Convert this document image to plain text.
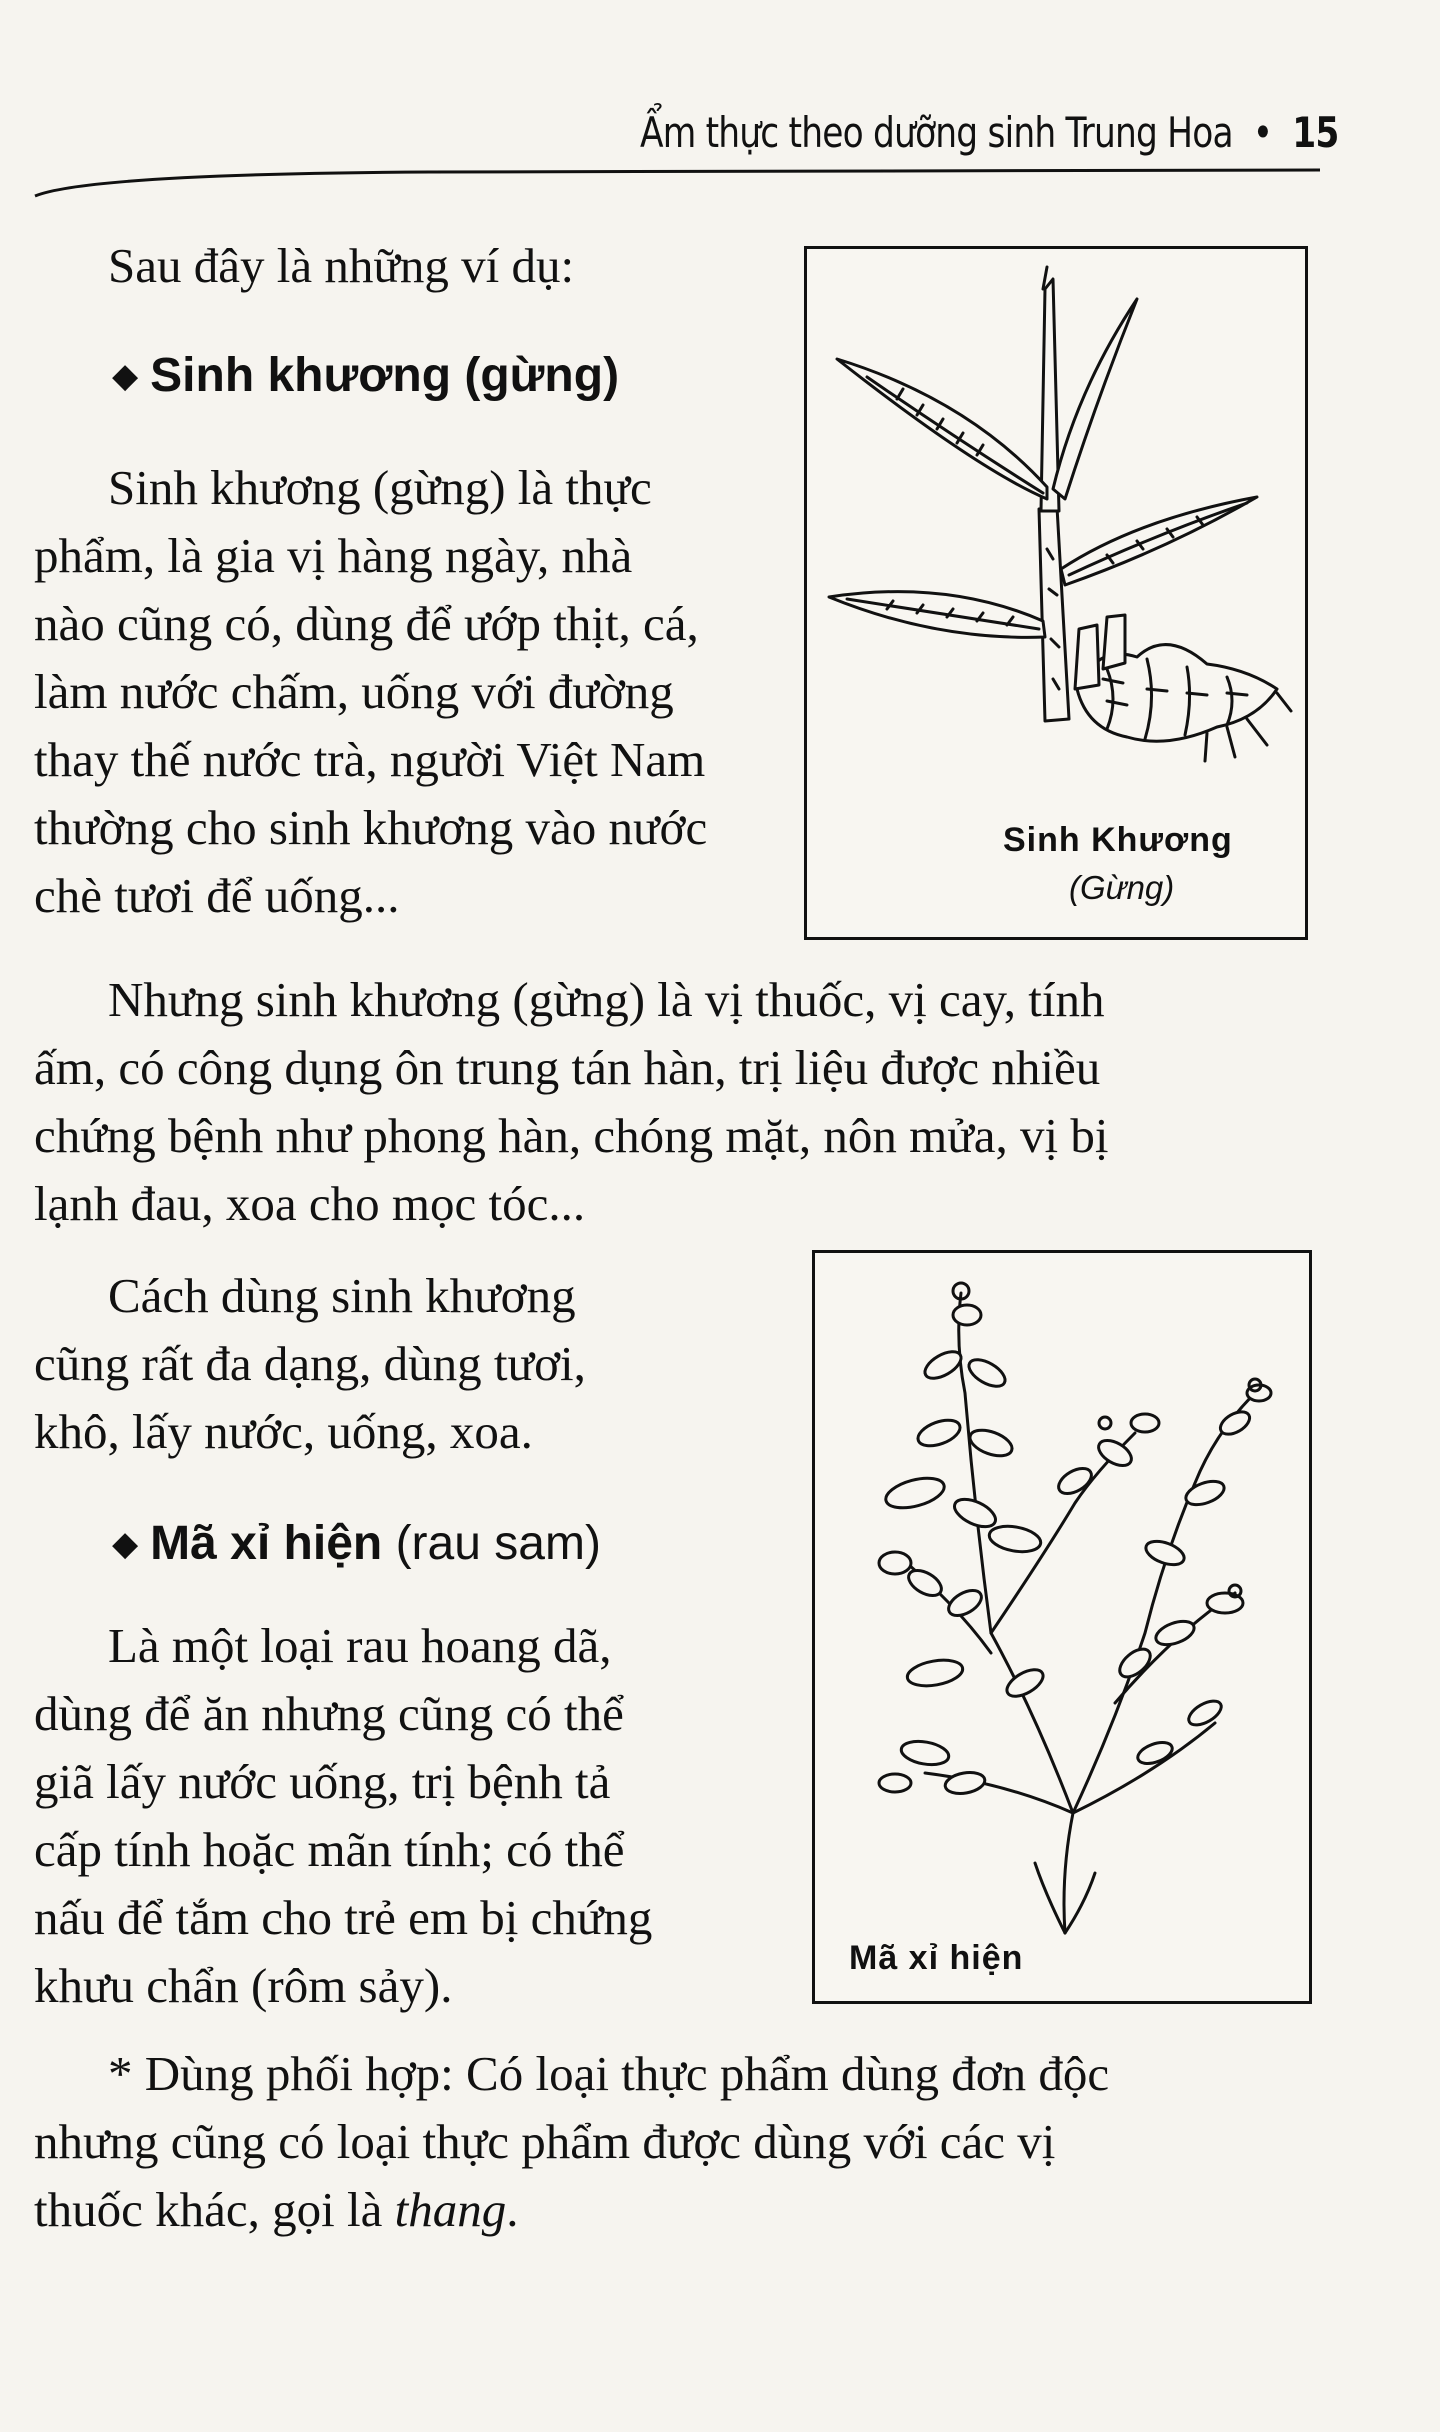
Ẩm thực theo dưỡng sinh Trung Hoa • 15
Sau đây là những ví dụ:
◆ Sinh khương (gừng)
Sinh khương (gừng) là thực
phẩm, là gia vị hàng ngày, nhà
nào cũng có, dùng để ướp thịt, cá,
làm nước chấm, uống với đường
thay thế nước trà, người Việt Nam
thường cho sinh khương vào nước
chè tươi để uống...
Sinh Khương
(Gừng)
Nhưng sinh khương (gừng) là vị thuốc, vị cay, tính
ấm, có công dụng ôn trung tán hàn, trị liệu được nhiều
chứng bệnh như phong hàn, chóng mặt, nôn mửa, vị bị
lạnh đau, xoa cho mọc tóc...
Cách dùng sinh khương
cũng rất đa dạng, dùng tươi,
khô, lấy nước, uống, xoa.
◆ Mã xỉ hiện (rau sam)
Là một loại rau hoang dã,
dùng để ăn nhưng cũng có thể
giã lấy nước uống, trị bệnh tả
cấp tính hoặc mãn tính; có thể
nấu để tắm cho trẻ em bị chứng
khưu chẩn (rôm sảy).	Mã xỉ hiện
* Dùng phối hợp: Có loại thực phẩm dùng đơn độc
nhưng cũng có loại thực phẩm được dùng với các vị
thuốc khác, gọi là thang.
